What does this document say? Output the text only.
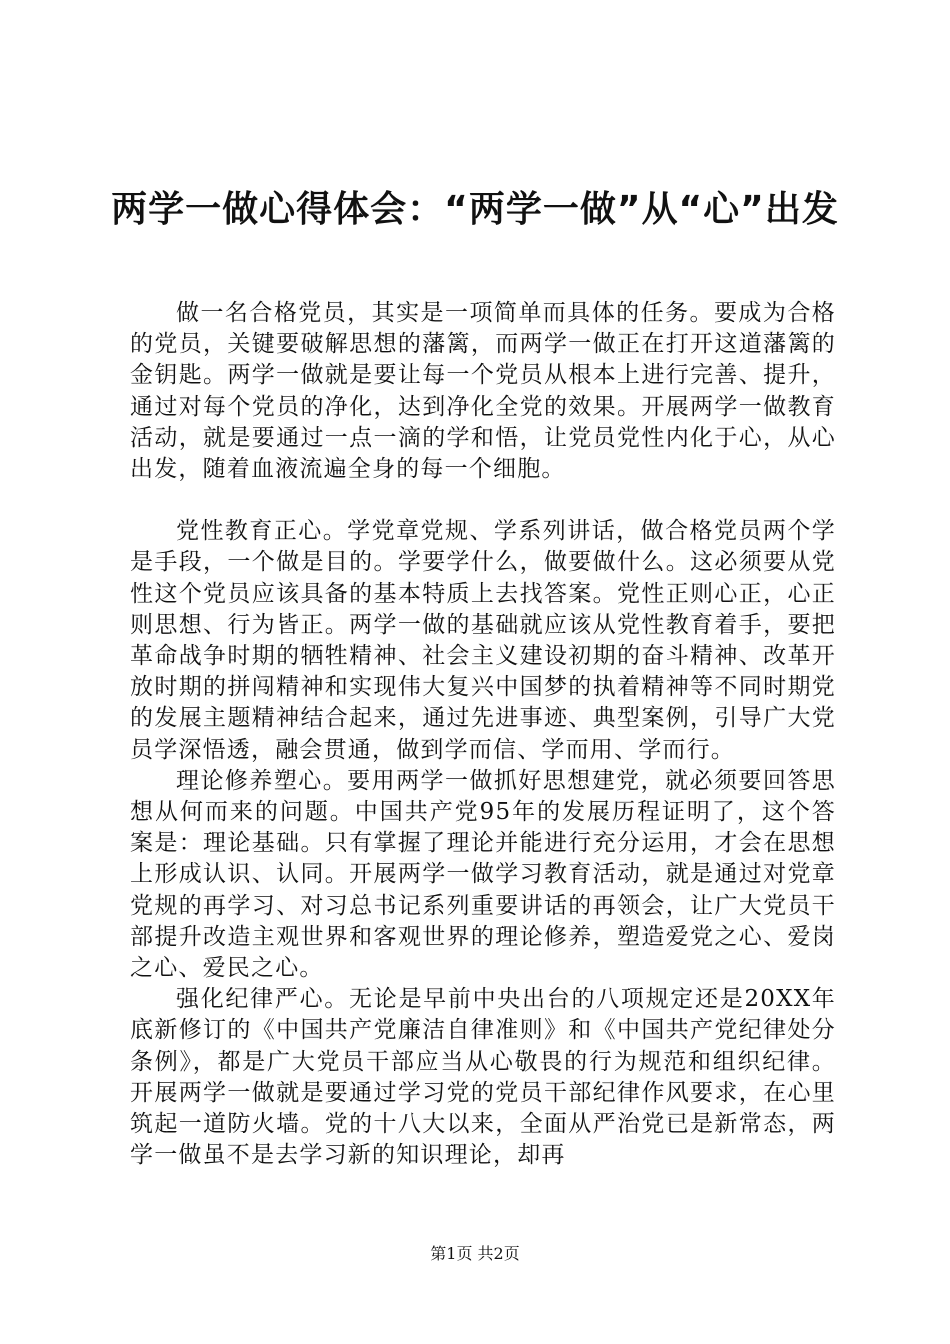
两学一做心得体会：“两学一做”从“心”出发

做一名合格党员，其实是一项简单而具体的任务。要成为合格的党员，关键要破解思想的藩篱，而两学一做正在打开这道藩篱的金钥匙。两学一做就是要让每一个党员从根本上进行完善、提升，通过对每个党员的净化，达到净化全党的效果。开展两学一做教育活动，就是要通过一点一滴的学和悟，让党员党性内化于心，从心出发，随着血液流遍全身的每一个细胞。

党性教育正心。学党章党规、学系列讲话，做合格党员两个学是手段，一个做是目的。学要学什么，做要做什么。这必须要从党性这个党员应该具备的基本特质上去找答案。党性正则心正，心正则思想、行为皆正。两学一做的基础就应该从党性教育着手，要把革命战争时期的牺牲精神、社会主义建设初期的奋斗精神、改革开放时期的拼闯精神和实现伟大复兴中国梦的执着精神等不同时期党的发展主题精神结合起来，通过先进事迹、典型案例，引导广大党员学深悟透，融会贯通，做到学而信、学而用、学而行。

理论修养塑心。要用两学一做抓好思想建党，就必须要回答思想从何而来的问题。中国共产党95年的发展历程证明了，这个答案是：理论基础。只有掌握了理论并能进行充分运用，才会在思想上形成认识、认同。开展两学一做学习教育活动，就是通过对党章党规的再学习、对习总书记系列重要讲话的再领会，让广大党员干部提升改造主观世界和客观世界的理论修养，塑造爱党之心、爱岗之心、爱民之心。

强化纪律严心。无论是早前中央出台的八项规定还是20XX年底新修订的《中国共产党廉洁自律准则》和《中国共产党纪律处分条例》，都是广大党员干部应当从心敬畏的行为规范和组织纪律。开展两学一做就是要通过学习党的党员干部纪律作风要求，在心里筑起一道防火墙。党的十八大以来，全面从严治党已是新常态，两学一做虽不是去学习新的知识理论，却再

第1页 共2页
